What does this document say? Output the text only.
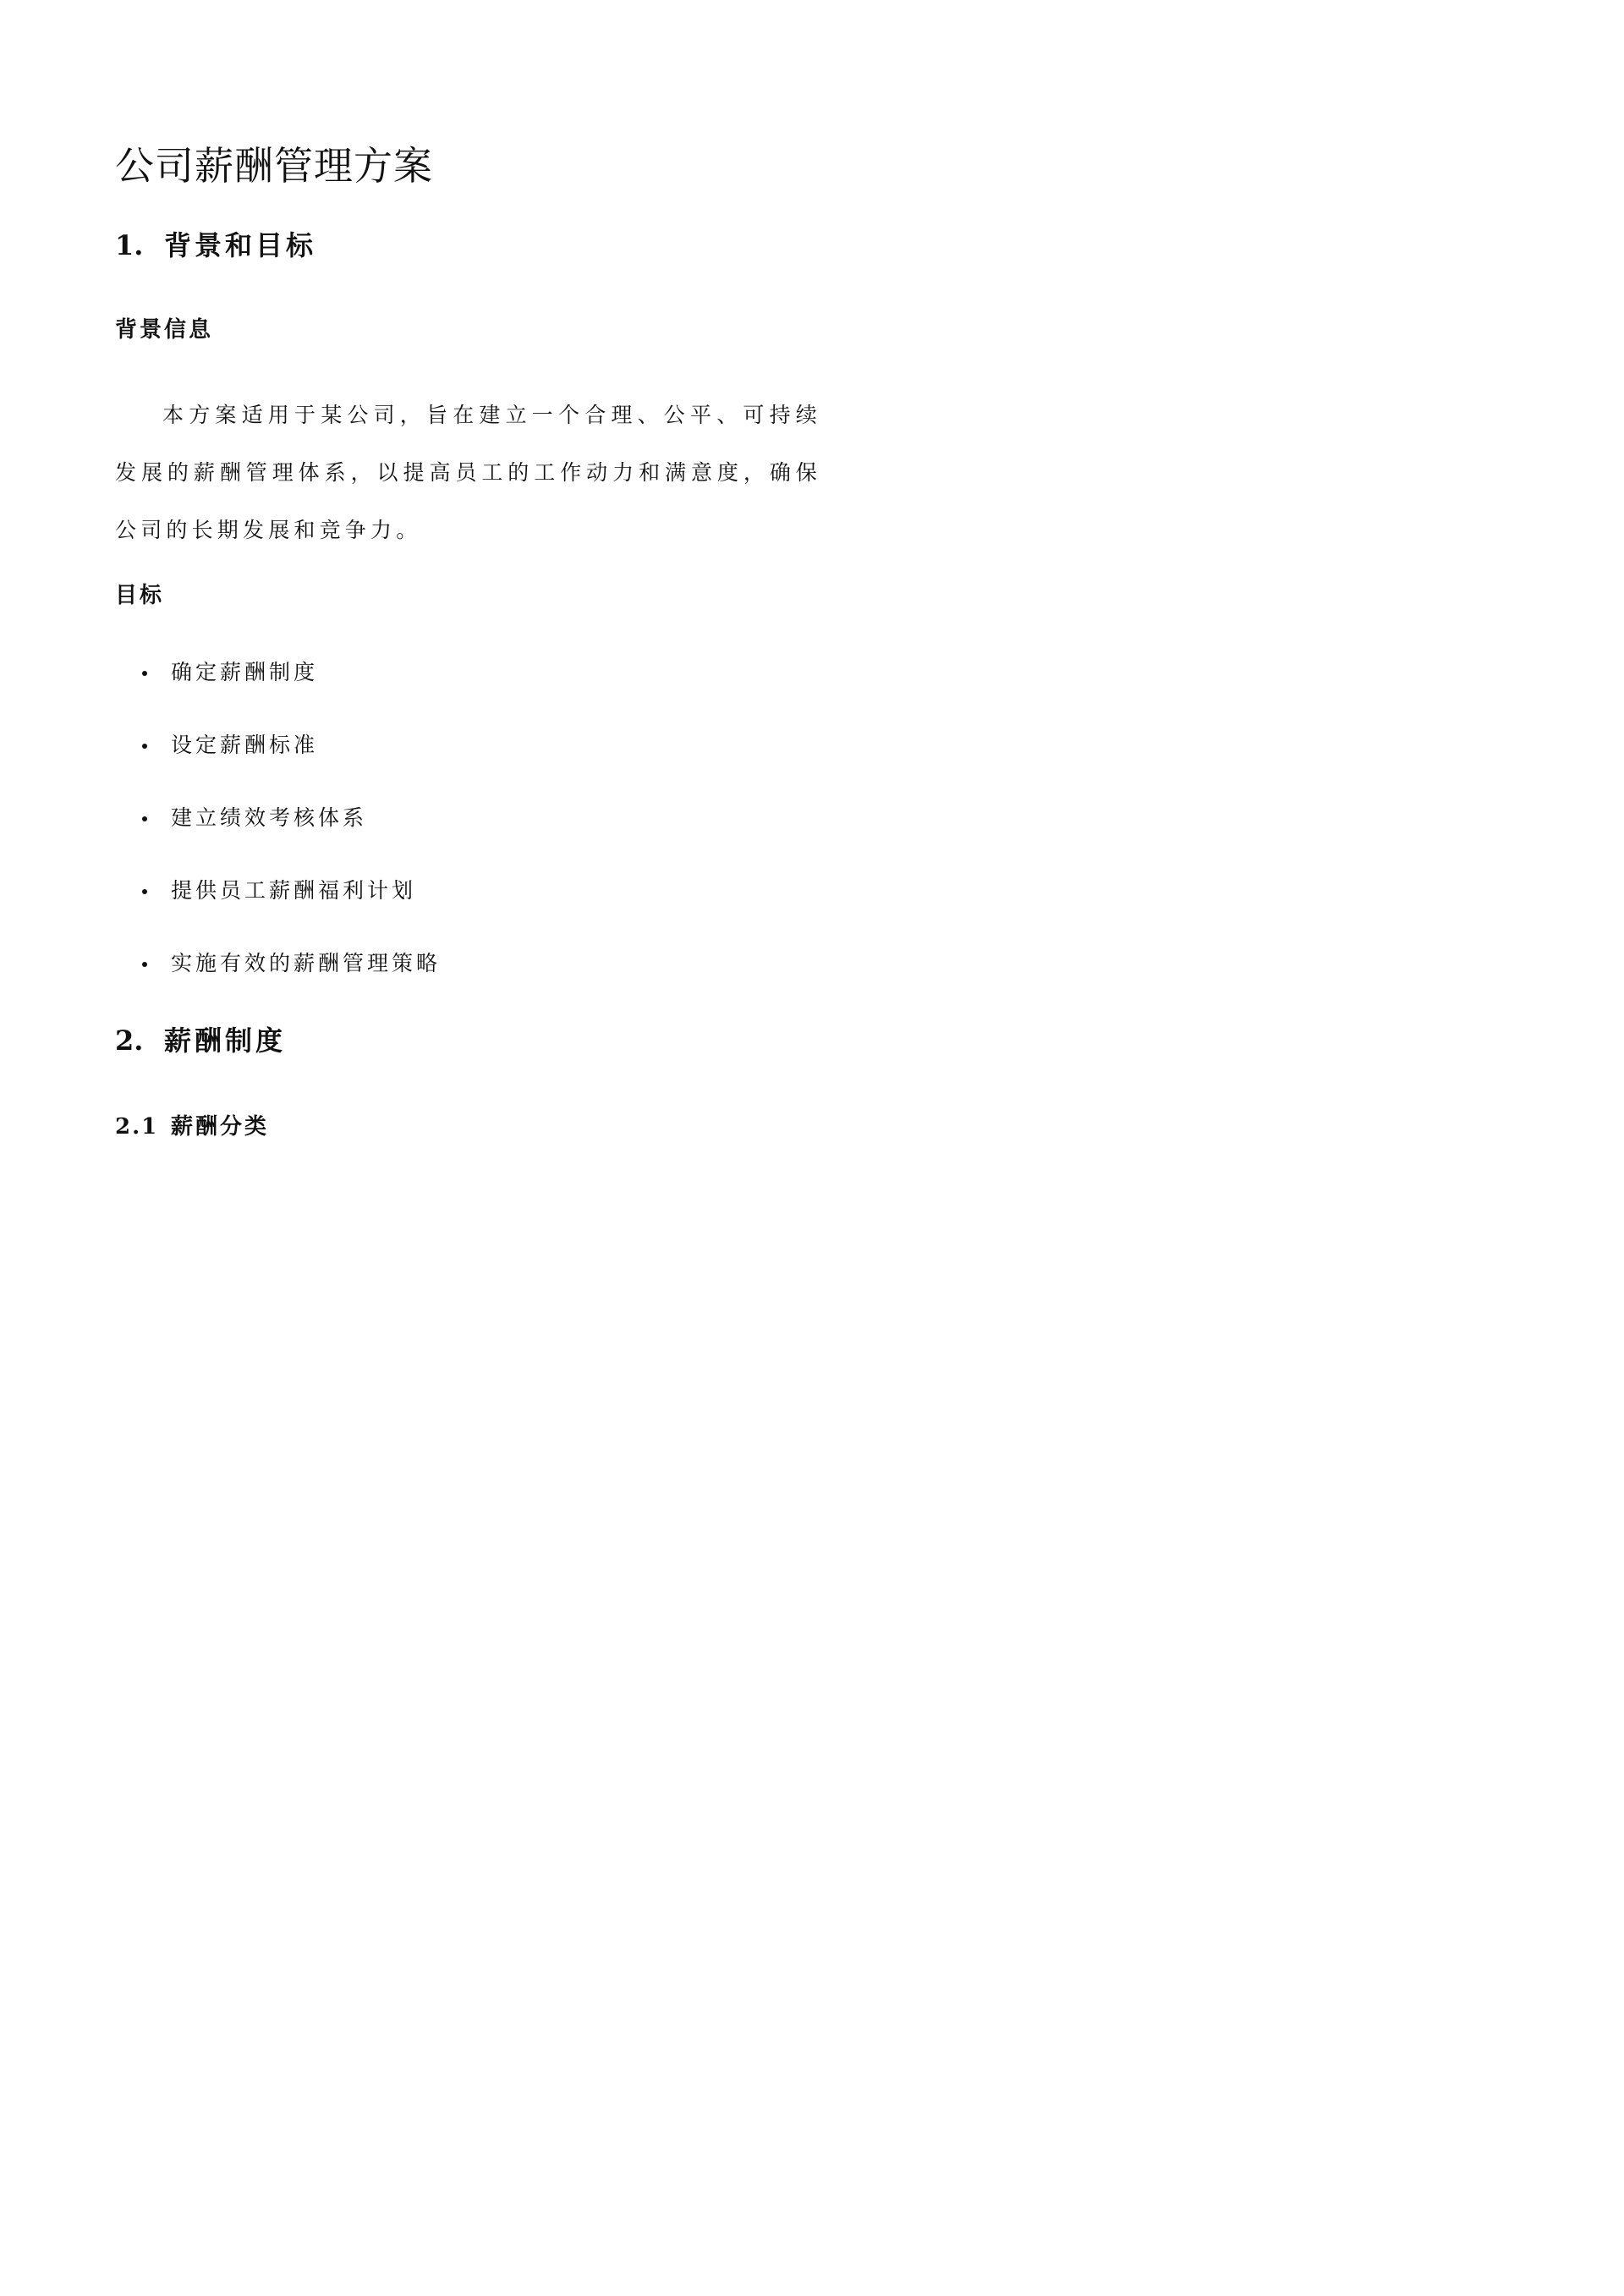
公司薪酬管理方案
1. 背景和目标
背景信息

本方案适用于某公司，旨在建立一个合理、公平、可持续发展的薪酬管理体系，以提高员工的工作动力和满意度，确保公司的长期发展和竞争力。

目标
确定薪酬制度
设定薪酬标准
建立绩效考核体系
提供员工薪酬福利计划
实施有效的薪酬管理策略
2. 薪酬制度
2.1 薪酬分类
